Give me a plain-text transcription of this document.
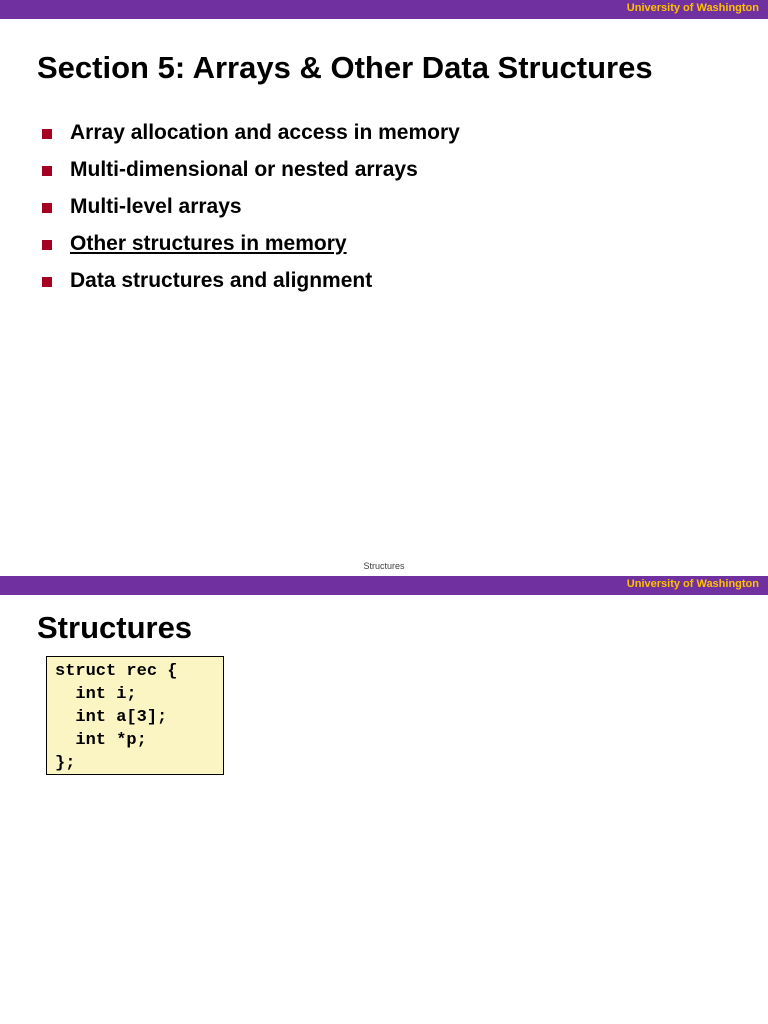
University of Washington
Section 5: Arrays & Other Data Structures
Array allocation and access in memory
Multi-dimensional or nested arrays
Multi-level arrays
Other structures in memory
Data structures and alignment
Structures
University of Washington
Structures
struct rec {
int i;
int a[3];
int *p;
};
